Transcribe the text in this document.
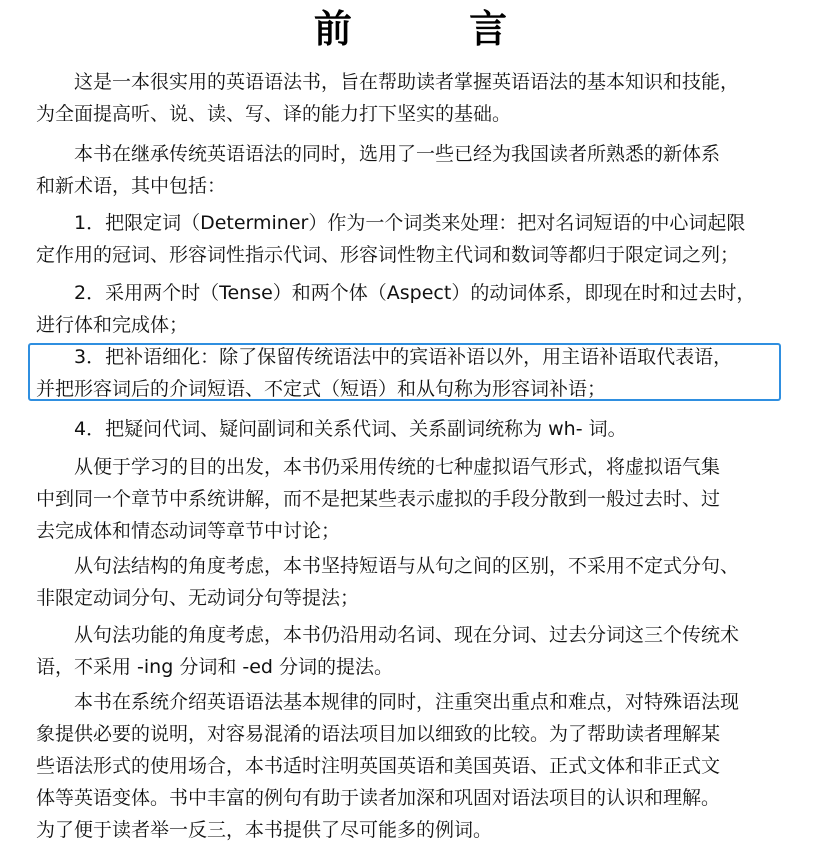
前 言
这是一本很实用的英语语法书，旨在帮助读者掌握英语语法的基本知识和技能，
为全面提高听、说、读、写、译的能力打下坚实的基础。
本书在继承传统英语语法的同时，选用了一些已经为我国读者所熟悉的新体系
和新术语，其中包括：
1．把限定词（Determiner）作为一个词类来处理：把对名词短语的中心词起限
定作用的冠词、形容词性指示代词、形容词性物主代词和数词等都归于限定词之列；
2．采用两个时（Tense）和两个体（Aspect）的动词体系，即现在时和过去时，
进行体和完成体；
3．把补语细化：除了保留传统语法中的宾语补语以外，用主语补语取代表语，
并把形容词后的介词短语、不定式（短语）和从句称为形容词补语；
4．把疑问代词、疑问副词和关系代词、关系副词统称为 wh- 词。
从便于学习的目的出发，本书仍采用传统的七种虚拟语气形式，将虚拟语气集
中到同一个章节中系统讲解，而不是把某些表示虚拟的手段分散到一般过去时、过
去完成体和情态动词等章节中讨论；
从句法结构的角度考虑，本书坚持短语与从句之间的区别，不采用不定式分句、
非限定动词分句、无动词分句等提法；
从句法功能的角度考虑，本书仍沿用动名词、现在分词、过去分词这三个传统术
语，不采用 -ing 分词和 -ed 分词的提法。
本书在系统介绍英语语法基本规律的同时，注重突出重点和难点，对特殊语法现
象提供必要的说明，对容易混淆的语法项目加以细致的比较。为了帮助读者理解某
些语法形式的使用场合，本书适时注明英国英语和美国英语、正式文体和非正式文
体等英语变体。书中丰富的例句有助于读者加深和巩固对语法项目的认识和理解。
为了便于读者举一反三，本书提供了尽可能多的例词。
